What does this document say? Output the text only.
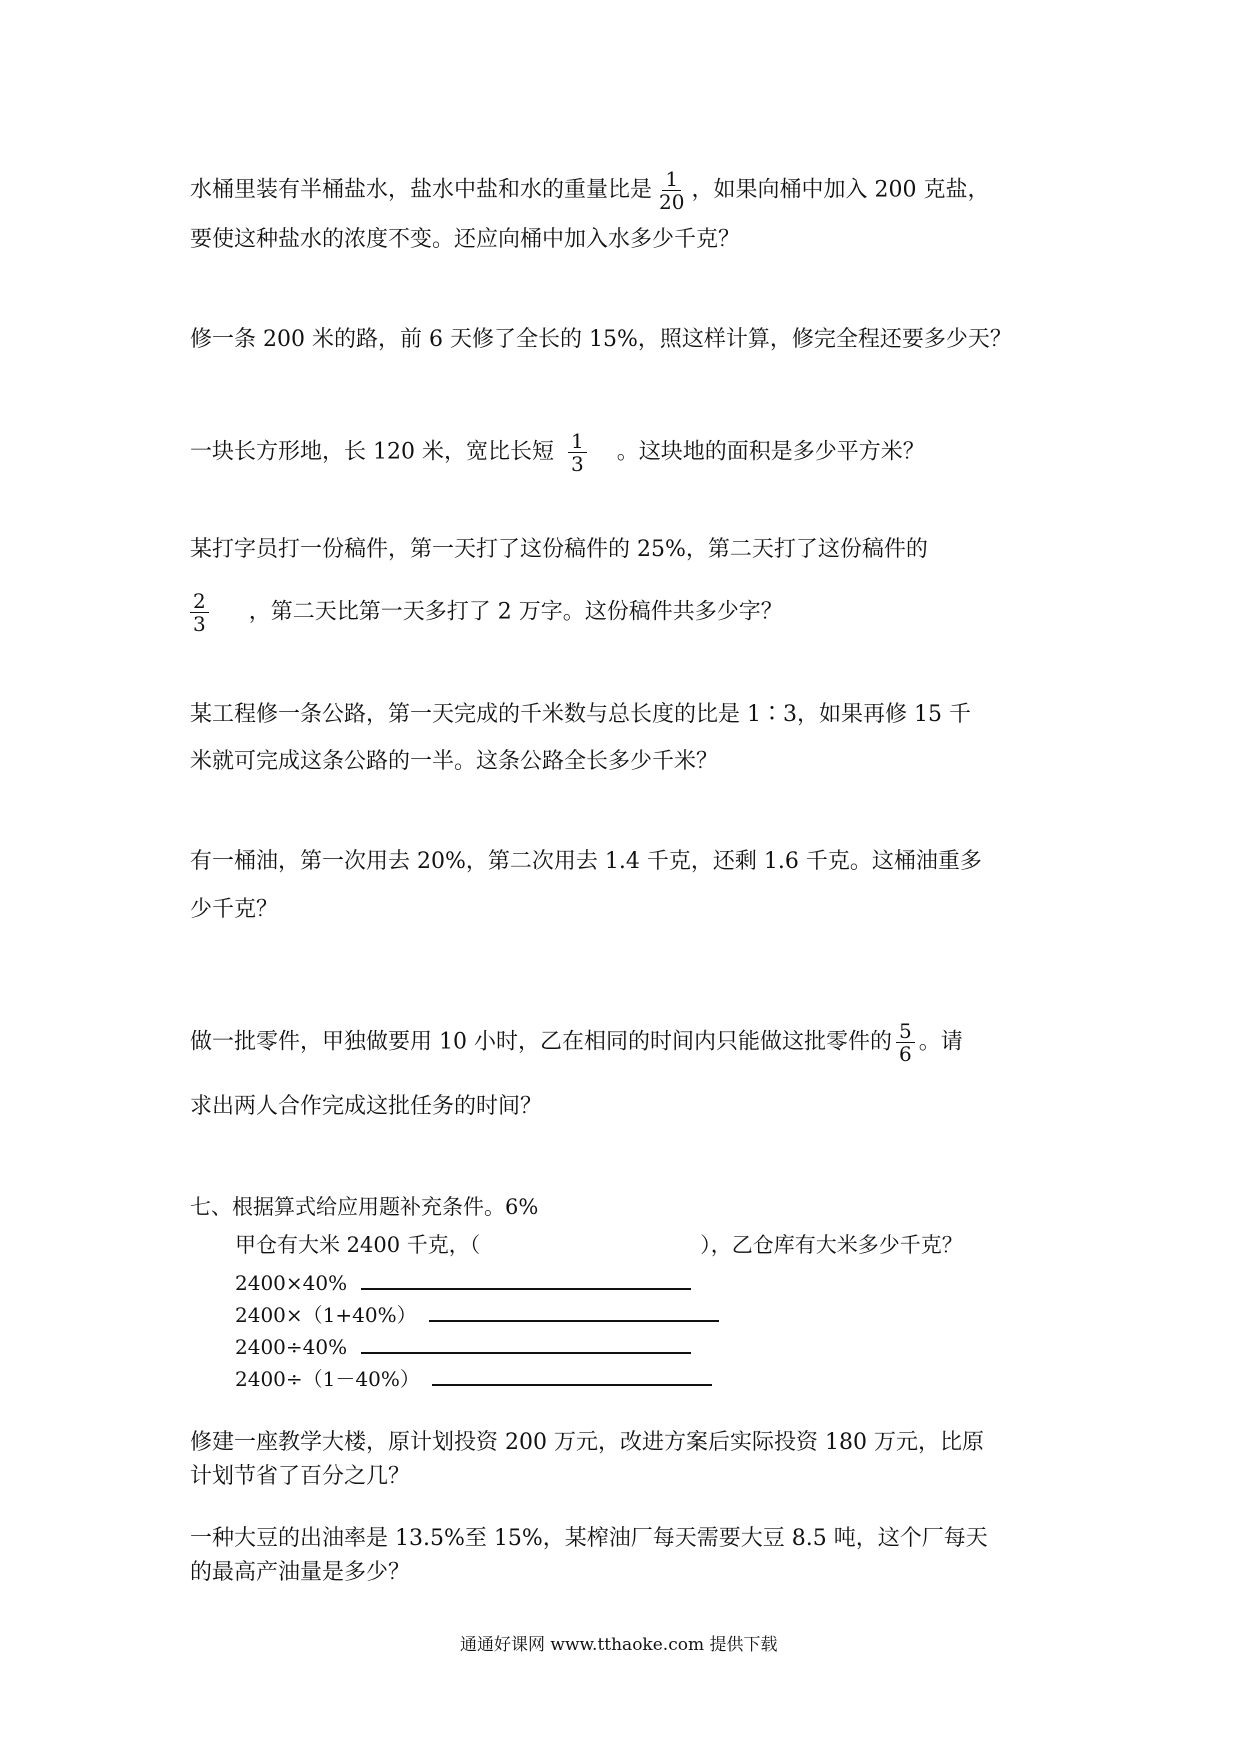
水桶里装有半桶盐水，盐水中盐和水的重量比是 $\frac{1}{20}$ ，如果向桶中加入 200 克盐，
要使这种盐水的浓度不变。还应向桶中加入水多少千克？
修一条 200 米的路，前 6 天修了全长的 15%，照这样计算，修完全程还要多少天？
一块长方形地，长 120 米，宽比长短 $\frac{1}{3}$ 。这块地的面积是多少平方米？
某打字员打一份稿件，第一天打了这份稿件的 25%，第二天打了这份稿件的
$\frac{2}{3}$ ，第二天比第一天多打了 2 万字。这份稿件共多少字？
某工程修一条公路，第一天完成的千米数与总长度的比是 1∶3，如果再修 15 千
米就可完成这条公路的一半。这条公路全长多少千米？
有一桶油，第一次用去 20%，第二次用去 1.4 千克，还剩 1.6 千克。这桶油重多
少千克？
做一批零件，甲独做要用 10 小时，乙在相同的时间内只能做这批零件的 $\frac{5}{6}$ 。请
求出两人合作完成这批任务的时间？
七、根据算式给应用题补充条件。6%
甲仓有大米 2400 千克，（	），乙仓库有大米多少千克？
2400×40%
2400×（1+40%）
2400÷40%
2400÷（1－40%）
修建一座教学大楼，原计划投资 200 万元，改进方案后实际投资 180 万元，比原
计划节省了百分之几？
一种大豆的出油率是 13.5%至 15%，某榨油厂每天需要大豆 8.5 吨，这个厂每天
的最高产油量是多少？
通通好课网 www.tthaoke.com 提供下载
